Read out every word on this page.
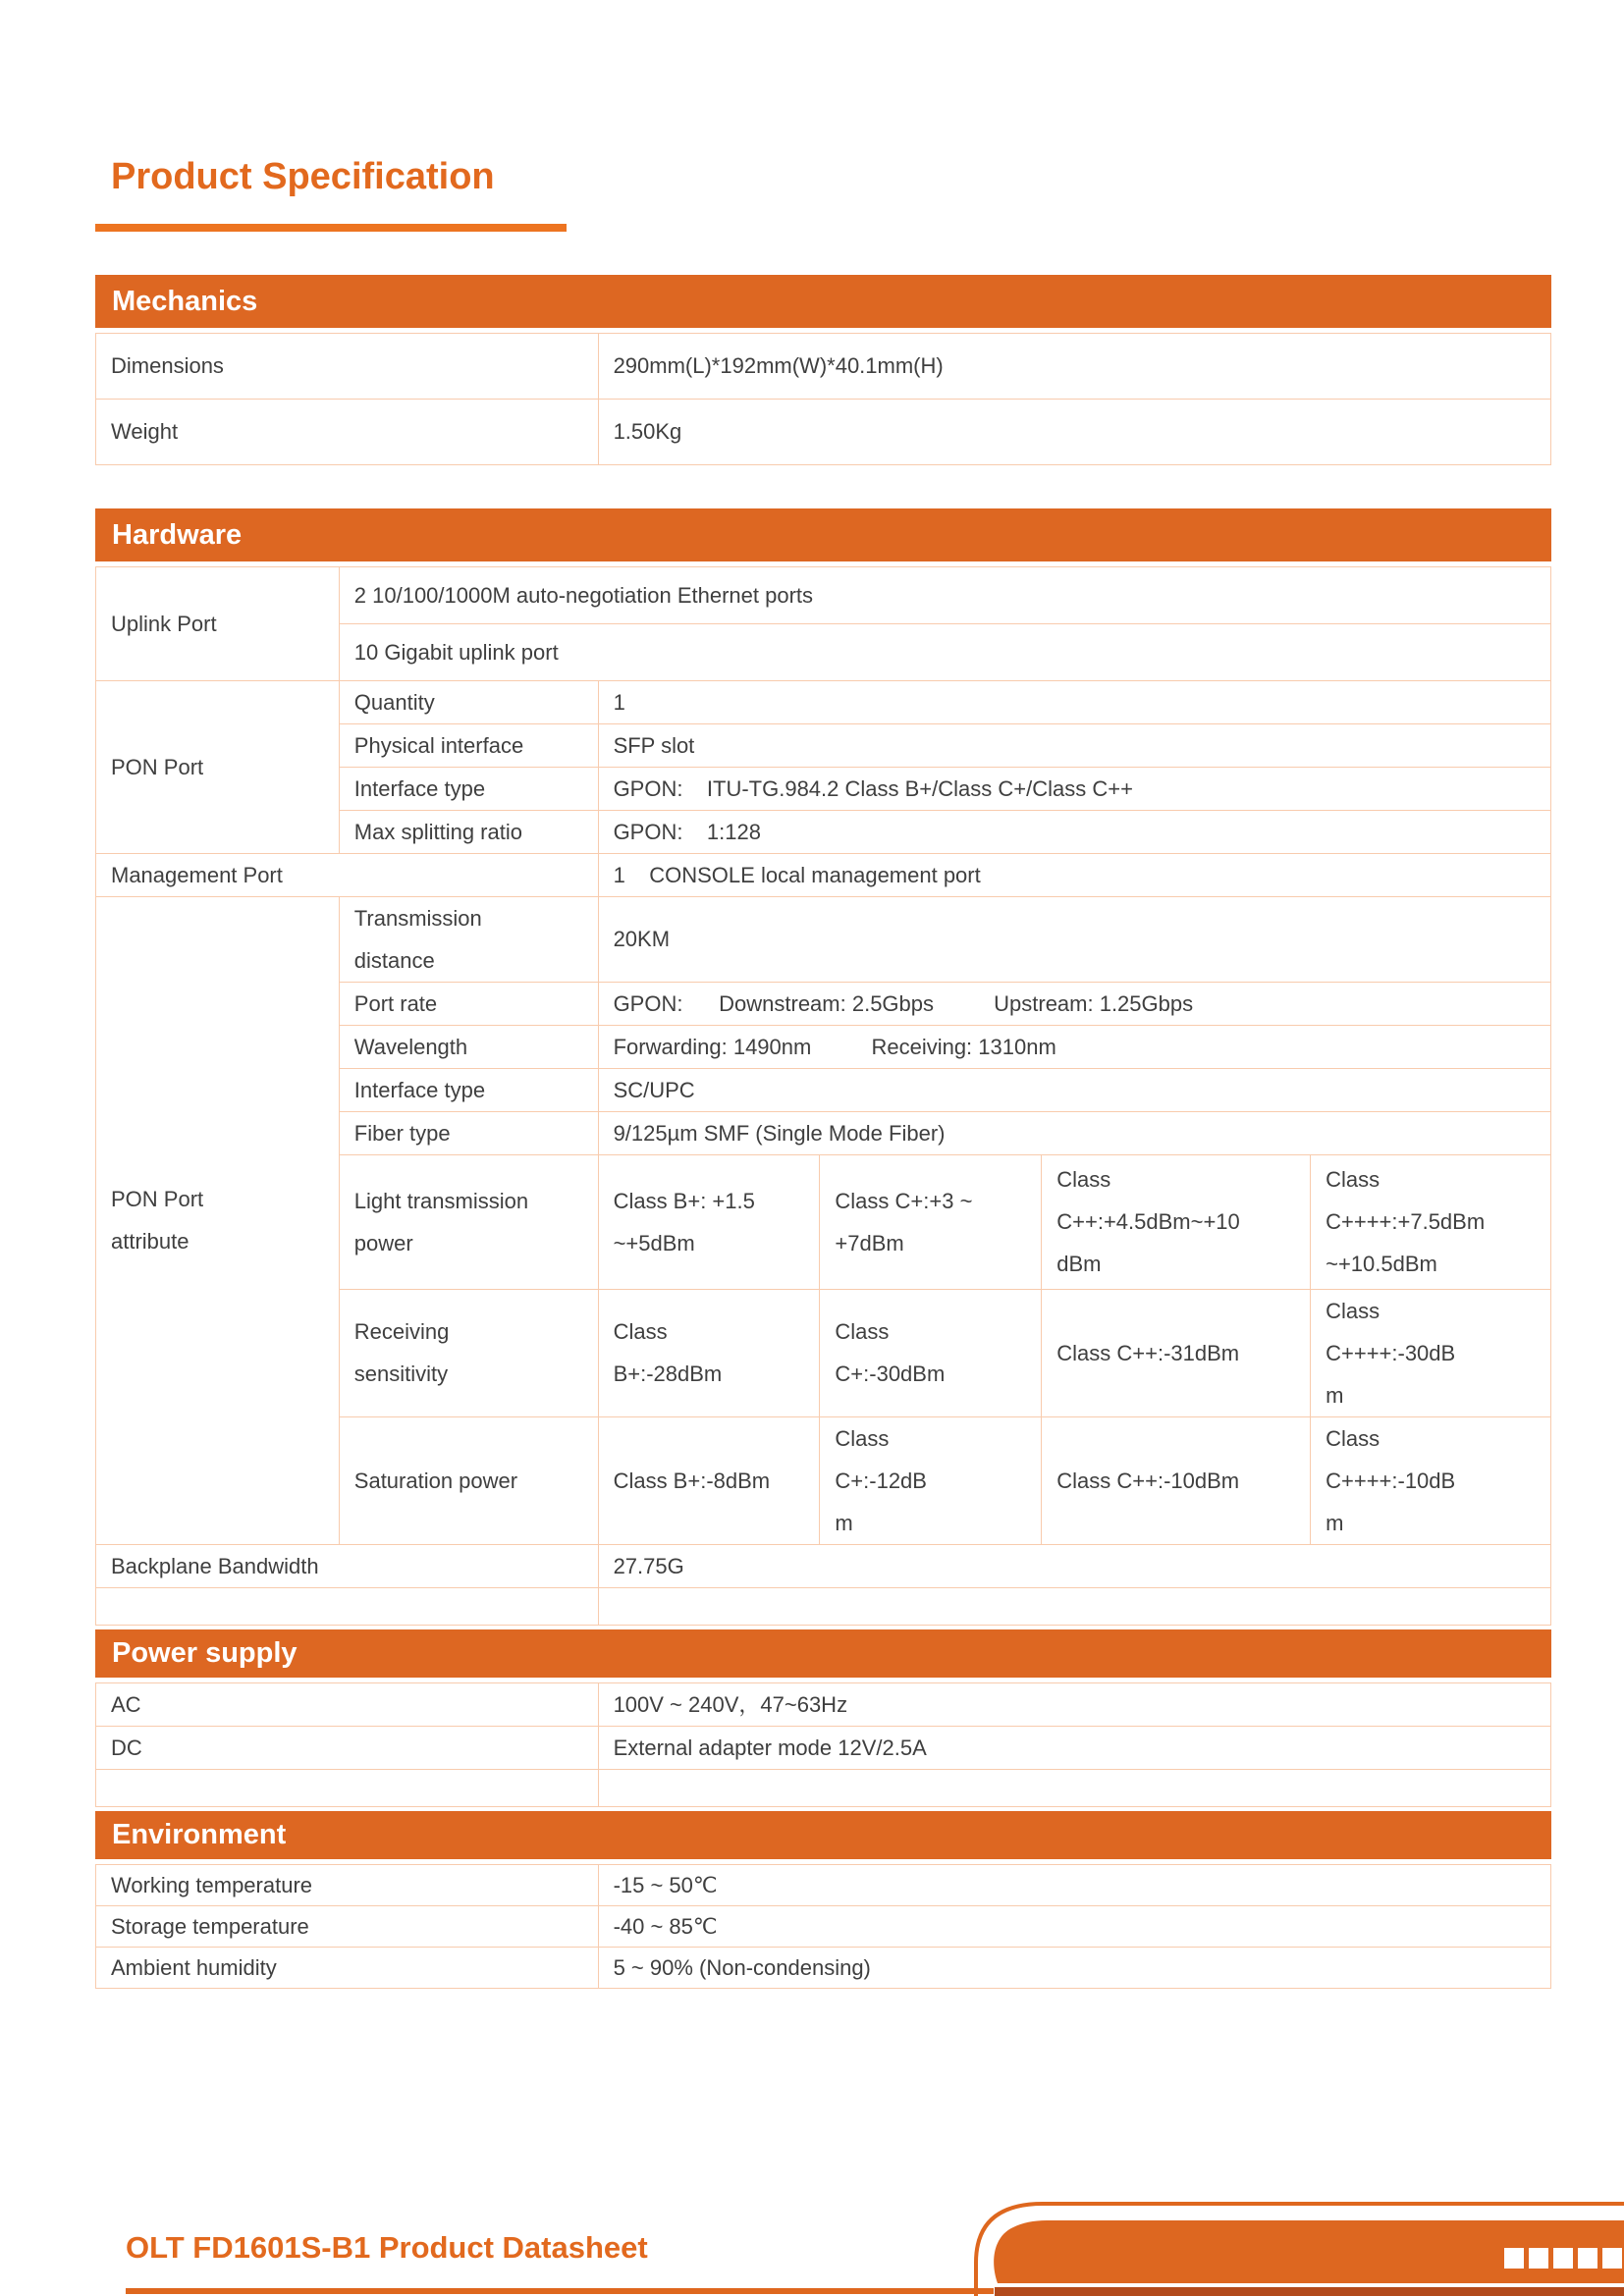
Product Specification
Mechanics
Dimensions	290mm(L)*192mm(W)*40.1mm(H)
Weight	1.50Kg
Hardware
Uplink Port	2 10/100/1000M auto-negotiation Ethernet ports				
	10 Gigabit uplink port				
PON Port	Quantity	1			
	Physical interface	SFP slot			
	Interface type	GPON:    ITU-TG.984.2 Class B+/Class C+/Class C++			
	Max splitting ratio	GPON:    1:128			
Management Port		1    CONSOLE local management port			
PON Port attribute	Transmission distance	20KM			
	Port rate	GPON:      Downstream: 2.5Gbps          Upstream: 1.25Gbps			
	Wavelength	Forwarding: 1490nm          Receiving: 1310nm			
	Interface type	SC/UPC			
	Fiber type	9/125µm SMF (Single Mode Fiber)			
	Light transmission power	Class B+: +1.5 ~+5dBm	Class C+:+3 ~ +7dBm	Class C++:+4.5dBm~+10dBm	Class C++++:+7.5dBm~+10.5dBm
	Receiving sensitivity	Class B+:-28dBm	Class C+:-30dBm	Class C++:-31dBm	Class C++++:-30dBm
	Saturation power	Class B+:-8dBm	Class C+:-12dBm	Class C++:-10dBm	Class C++++:-10dBm
Backplane Bandwidth		27.75G			

Power supply
AC	100V ~ 240V，47~63Hz
DC	External adapter mode 12V/2.5A

Environment
Working temperature	-15 ~ 50℃
Storage temperature	-40 ~ 85℃
Ambient humidity	5 ~ 90% (Non-condensing)
OLT FD1601S-B1 Product Datasheet
